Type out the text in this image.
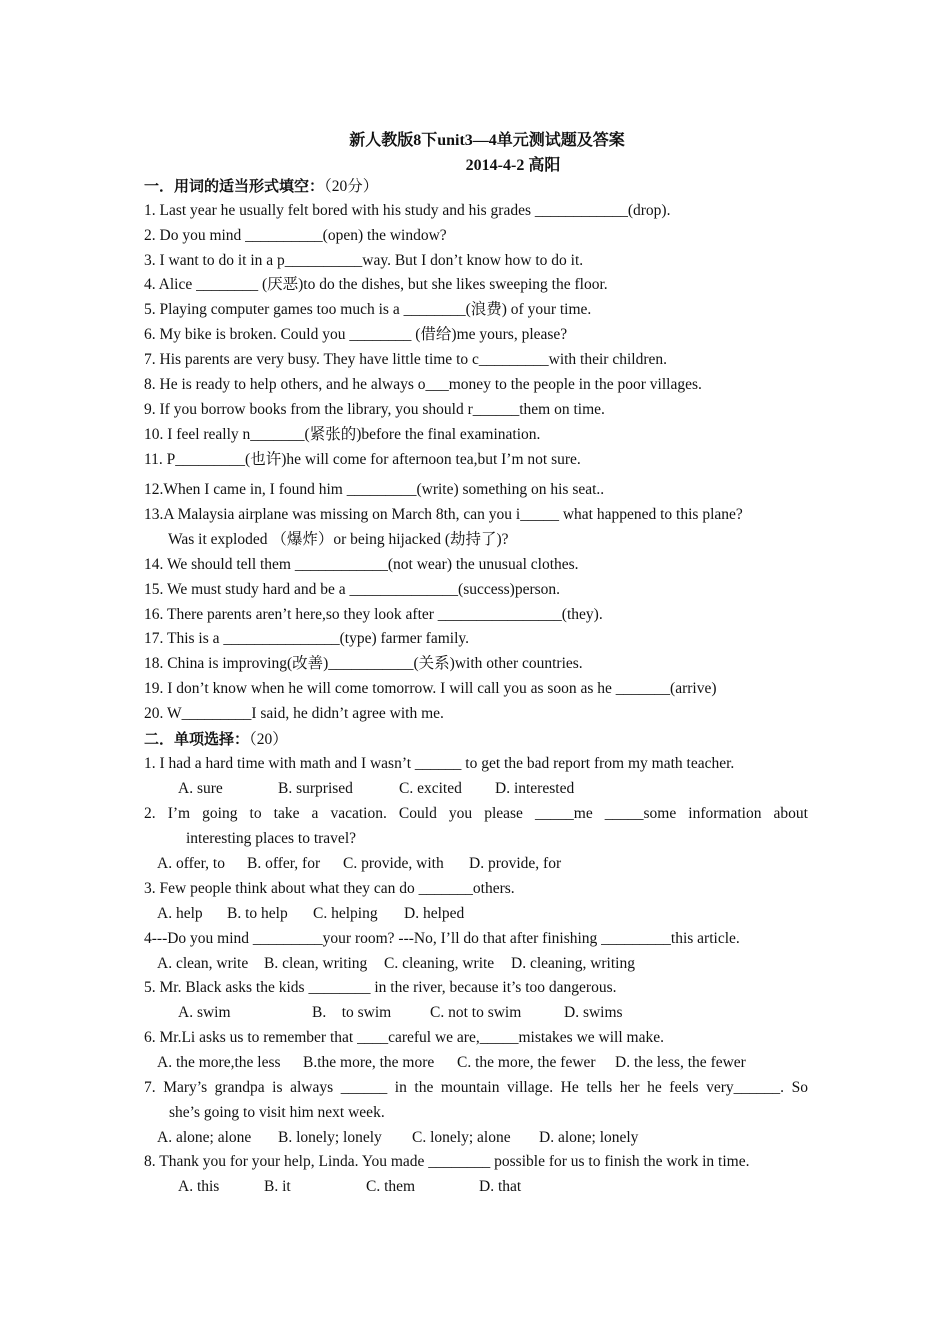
新人教版8下unit3—4单元测试题及答案
2014-4-2 高阳
一．用词的适当形式填空：（20分）
1. Last year he usually felt bored with his study and his grades ____________(drop).
2. Do you mind __________(open) the window?
3. I want to do it in a p__________way. But I don’t know how to do it.
4. Alice ________ (厌恶)to do the dishes, but she likes sweeping the floor.
5. Playing computer games too much is a ________(浪费) of your time.
6. My bike is broken. Could you ________ (借给)me yours, please?
7. His parents are very busy. They have little time to c_________with their children.
8. He is ready to help others, and he always o___money to the people in the poor villages.
9. If you borrow books from the library, you should r______them on time.
10. I feel really n_______(紧张的)before the final examination.
11. P_________(也许)he will come for afternoon tea,but I’m not sure.
12.When I came in, I found him _________(write) something on his seat..
13.A Malaysia airplane was missing on March 8th, can you i_____ what happened to this plane?
Was it exploded （爆炸）or being hijacked (劫持了)?
14. We should tell them ____________(not wear) the unusual clothes.
15. We must study hard and be a ______________(success)person.
16. There parents aren’t here,so they look after ________________(they).
17. This is a _______________(type) farmer family.
18. China is improving(改善)___________(关系)with other countries.
19. I don’t know when he will come tomorrow. I will call you as soon as he _______(arrive)
20. W_________I said, he didn’t agree with me.
二．单项选择：（20）
1. I had a hard time with math and I wasn’t ______ to get the bad report from my math teacher.
A. sure	B. surprised	C. excited D. interested
2. I’m going to take a vacation. Could you please _____me _____some information about
interesting places to travel?
A. offer, to B. offer, for C. provide, with D. provide, for
3. Few people think about what they can do _______others.
A. help B. to help C. helping D. helped
4---Do you mind _________your room? ---No, I’ll do that after finishing _________this article.
A. clean, write B. clean, writing C. cleaning, write D. cleaning, writing
5. Mr. Black asks the kids ________ in the river, because it’s too dangerous.
A. swim	B.    to swim	C. not to swim	D. swims
6. Mr.Li asks us to remember that ____careful we are,_____mistakes we will make.
A. the more,the less B.the more, the more C. the more, the fewer D. the less, the fewer
7. Mary’s grandpa is always ______ in the mountain village. He tells her he feels very______. So
she’s going to visit him next week.
A. alone; alone B. lonely; lonely C. lonely; alone D. alone; lonely
8. Thank you for your help, Linda. You made ________ possible for us to finish the work in time.
A. this	B. it	C. them	D. that
